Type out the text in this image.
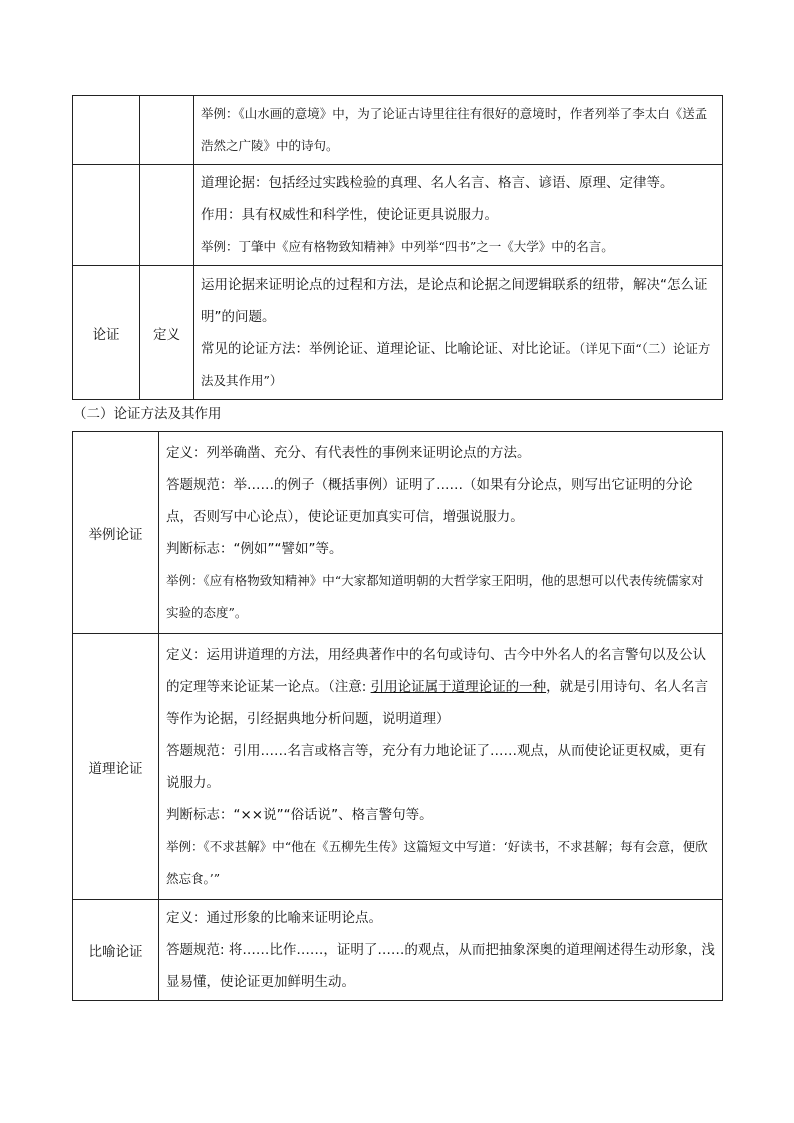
		举例：《山水画的意境》中，为了论证古诗里往往有很好的意境时，作者列举了李太白《送孟浩然之广陵》中的诗句。

		道理论据：包括经过实践检验的真理、名人名言、格言、谚语、原理、定律等。

作用：具有权威性和科学性，使论证更具说服力。

举例：丁肇中《应有格物致知精神》中列举“四书”之一《大学》中的名言。

论证	定义	运用论据来证明论点的过程和方法，是论点和论据之间逻辑联系的纽带，解决“怎么证明”的问题。

常见的论证方法：举例论证、道理论证、比喻论证、对比论证。（详见下面“（二）论证方法及其作用”）

（二）论证方法及其作用
举例论证	定义：列举确凿、充分、有代表性的事例来证明论点的方法。

答题规范：举……的例子（概括事例）证明了……（如果有分论点，则写出它证明的分论点，否则写中心论点），使论证更加真实可信，增强说服力。

判断标志：“例如”“譬如”等。

举例：《应有格物致知精神》中“大家都知道明朝的大哲学家王阳明，他的思想可以代表传统儒家对实验的态度”。

道理论证	定义：运用讲道理的方法，用经典著作中的名句或诗句、古今中外名人的名言警句以及公认的定理等来论证某一论点。（注意: 引用论证属于道理论证的一种，就是引用诗句、名人名言等作为论据，引经据典地分析问题，说明道理）

答题规范：引用……名言或格言等，充分有力地论证了……观点，从而使论证更权威，更有说服力。

判断标志：“××说”“俗话说”、格言警句等。

举例：《不求甚解》中“他在《五柳先生传》这篇短文中写道：‘好读书，不求甚解；每有会意，便欣然忘食。’”

比喻论证	定义：通过形象的比喻来证明论点。

答题规范: 将……比作……，证明了……的观点，从而把抽象深奥的道理阐述得生动形象，浅显易懂，使论证更加鲜明生动。
